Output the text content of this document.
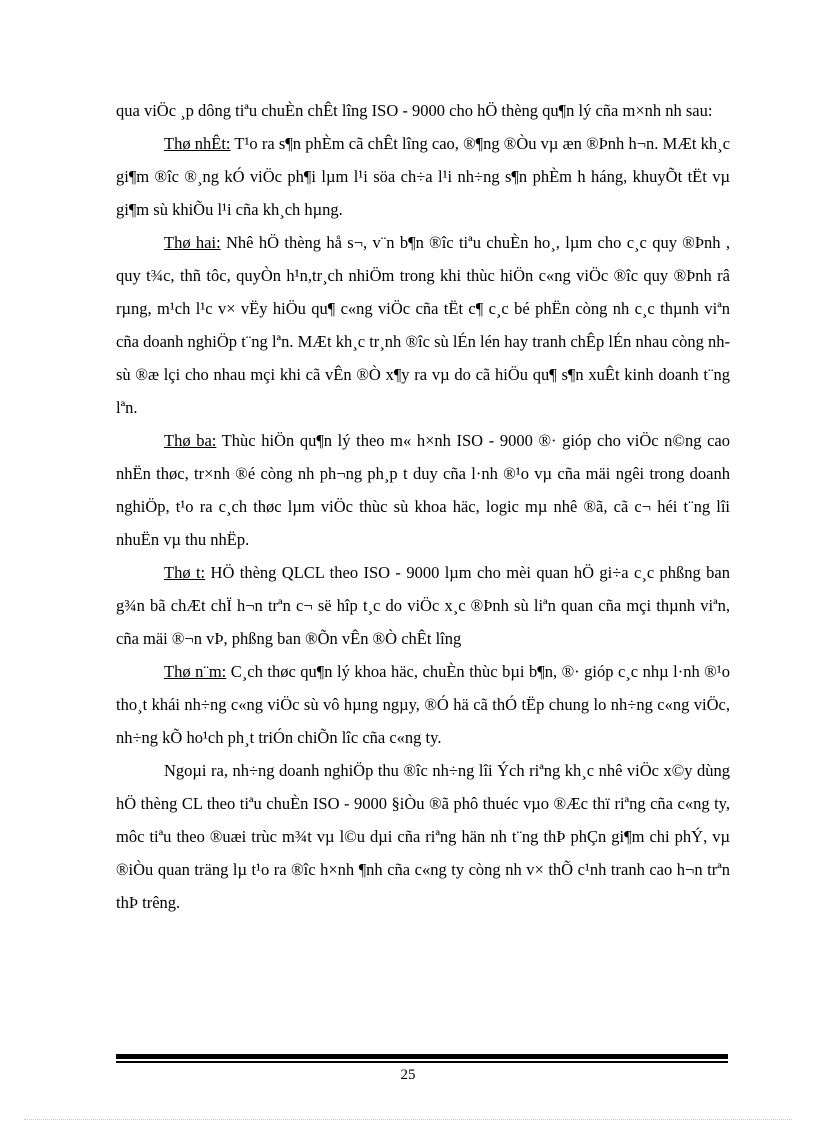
qua viÖc ¸p dông tiªu chuÈn chÊt lîng ISO - 9000 cho hÖ thèng qu¶n lý cña m×nh nh sau:

Thø nhÊt: T¹o ra s¶n phÈm cã chÊt lîng cao, ®¶ng ®Òu vµ æn ®Þnh h¬n. MÆt kh¸c gi¶m ®îc ®¸ng kÓ viÖc ph¶i lµm l¹i söa ch÷a l¹i nh÷ng s¶n phÈm h háng, khuyÕt tËt vµ gi¶m sù khiÕu l¹i cña kh¸ch hµng.

Thø hai: Nhê hÖ thèng hå s¬, v¨n b¶n ®îc tiªu chuÈn ho¸, lµm cho c¸c quy ®Þnh , quy t¾c, thñ tôc, quyÒn h¹n,tr¸ch nhiÖm trong khi thùc hiÖn c«ng viÖc ®îc quy ®Þnh râ rµng, m¹ch l¹c v× vËy hiÖu qu¶ c«ng viÖc cña tËt c¶ c¸c bé phËn còng nh c¸c thµnh viªn cña doanh nghiÖp t¨ng lªn. MÆt kh¸c tr¸nh ®îc sù lÉn lén hay tranh chÊp lÉn nhau còng nh sù ®æ lçi cho nhau mçi khi cã vÊn ®Ò x¶y ra vµ do cã hiÖu qu¶ s¶n xuÊt kinh doanh t¨ng lªn.

Thø ba: Thùc hiÖn qu¶n lý theo m« h×nh ISO - 9000 ®· gióp cho viÖc n©ng cao nhËn thøc, tr×nh ®é còng nh ph¬ng ph¸p t duy cña l·nh ®¹o vµ cña mäi ngêi trong doanh nghiÖp, t¹o ra c¸ch thøc lµm viÖc thùc sù khoa häc, logic mµ nhê ®ã, cã c¬ héi t¨ng lîi nhuËn vµ thu nhËp.

Thø t: HÖ thèng QLCL theo ISO - 9000 lµm cho mèi quan hÖ gi÷a c¸c phßng ban g¾n bã chÆt chÏ h¬n trªn c¬ së hîp t¸c do viÖc x¸c ®Þnh sù liªn quan cña mçi thµnh viªn, cña mäi ®¬n vÞ, phßng ban ®Õn vÊn ®Ò chÊt lîng

Thø n¨m: C¸ch thøc qu¶n lý khoa häc, chuÈn thùc bµi b¶n, ®· gióp c¸c nhµ l·nh ®¹o tho¸t khái nh÷ng c«ng viÖc sù vô hµng ngµy, ®Ó hä cã thÓ tËp chung lo nh÷ng c«ng viÖc, nh÷ng kÕ ho¹ch ph¸t triÓn chiÕn lîc cña c«ng ty.

Ngoµi ra, nh÷ng doanh nghiÖp thu ®îc nh÷ng lîi Ých riªng kh¸c nhê viÖc x©y dùng hÖ thèng CL theo tiªu chuÈn ISO - 9000 §iÒu ®ã phô thuéc vµo ®Æc thï riªng cña c«ng ty, môc tiªu theo ®uæi trùc m¾t vµ l©u dµi cña riªng hän nh t¨ng thÞ phÇn gi¶m chi phÝ, vµ ®iÒu quan träng lµ t¹o ra ®îc h×nh ¶nh cña c«ng ty còng nh v× thÕ c¹nh tranh cao h¬n trªn thÞ trêng.

25
